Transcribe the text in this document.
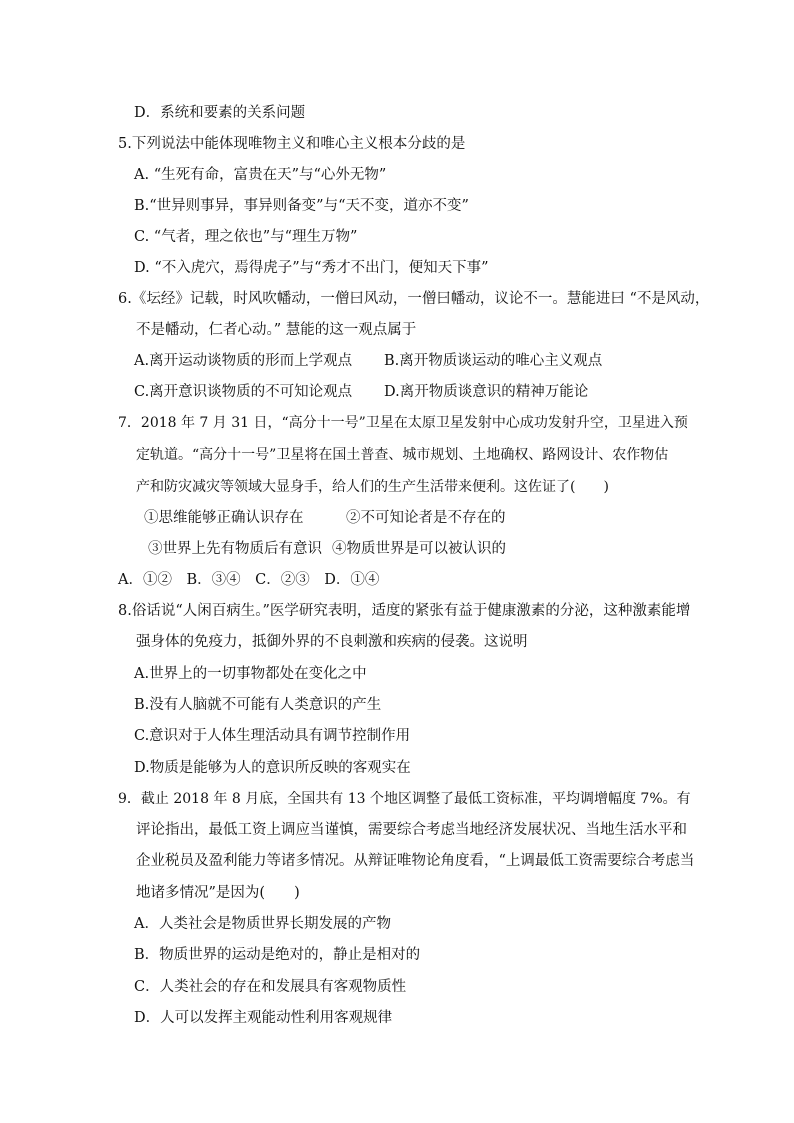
D．系统和要素的关系问题
5.下列说法中能体现唯物主义和唯心主义根本分歧的是
A. “生死有命，富贵在天”与“心外无物”
B.“世异则事异，事异则备变”与“天不变，道亦不变”
C. “气者，理之依也”与“理生万物”
D. “不入虎穴，焉得虎子”与“秀才不出门，便知天下事”
6.《坛经》记载，时风吹幡动，一僧曰风动，一僧曰幡动，议论不一。慧能进曰 “不是风动，
不是幡动，仁者心动。” 慧能的这一观点属于
A.离开运动谈物质的形而上学观点	B.离开物质谈运动的唯心主义观点
C.离开意识谈物质的不可知论观点	D.离开物质谈意识的精神万能论
7．2018 年 7 月 31 日，“高分十一号”卫星在太原卫星发射中心成功发射升空，卫星进入预
定轨道。“高分十一号”卫星将在国土普查、城市规划、土地确权、路网设计、农作物估
产和防灾减灾等领域大显身手，给人们的生产生活带来便利。这佐证了(　　)
①思维能够正确认识存在	②不可知论者是不存在的
③世界上先有物质后有意识 ④物质世界是可以被认识的
A．①②　B．③④　C．②③　D．①④
8.俗话说“人闲百病生。”医学研究表明，适度的紧张有益于健康激素的分泌，这种激素能增
强身体的免疫力，抵御外界的不良刺激和疾病的侵袭。这说明
A.世界上的一切事物都处在变化之中
B.没有人脑就不可能有人类意识的产生
C.意识对于人体生理活动具有调节控制作用
D.物质是能够为人的意识所反映的客观实在
9．截止 2018 年 8 月底，全国共有 13 个地区调整了最低工资标准，平均调增幅度 7%。有
评论指出，最低工资上调应当谨慎，需要综合考虑当地经济发展状况、当地生活水平和
企业税员及盈利能力等诸多情况。从辩证唯物论角度看，“上调最低工资需要综合考虑当
地诸多情况”是因为(　　)
A．人类社会是物质世界长期发展的产物
B．物质世界的运动是绝对的，静止是相对的
C．人类社会的存在和发展具有客观物质性
D．人可以发挥主观能动性利用客观规律
